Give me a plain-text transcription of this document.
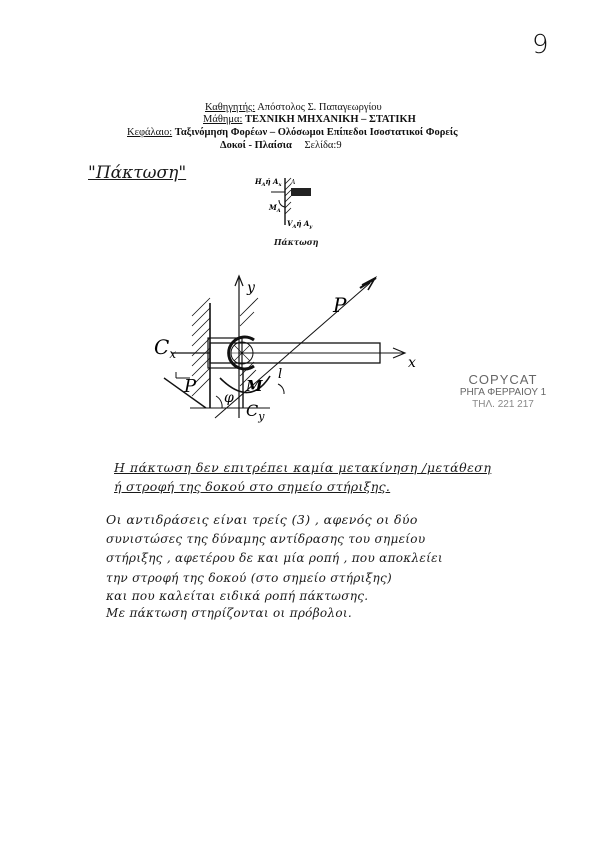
9
Καθηγητής: Απόστολος Σ. Παπαγεωργίου
Μάθημα: ΤΕΧΝΙΚΗ ΜΗΧΑΝΙΚΗ – ΣΤΑΤΙΚΗ
Κεφάλαιο: Ταξινόμηση Φορέων – Ολόσωμοι Επίπεδοι Ισοστατικοί Φορείς
Δοκοί - Πλαίσια Σελίδα:9
"Πάκτωση"	$H_Aή$ $A_x$ A
$M_A$
$V_Aή$ $A_y$
Πάκτωση
y
x
$C_x$
$C_y$
M
P
P
φ
l	COPYCAT
ΡΗΓΑ ΦΕΡΡΑΙΟΥ 1
ΤΗΛ. 221 217
Η πάκτωση δεν επιτρέπει καμία μετακίνηση /μετάθεση
ή στροφή της δοκού στο σημείο στήριξης.
Οι αντιδράσεις είναι τρείς (3) , αφενός οι δύο
συνιστώσες της δύναμης αντίδρασης του σημείου
στήριξης , αφετέρου δε και μία ροπή , που αποκλείει
την στροφή της δοκού (στο σημείο στήριξης)
και που καλείται ειδικά ροπή πάκτωσης.
Με πάκτωση στηρίζονται οι πρόβολοι.
